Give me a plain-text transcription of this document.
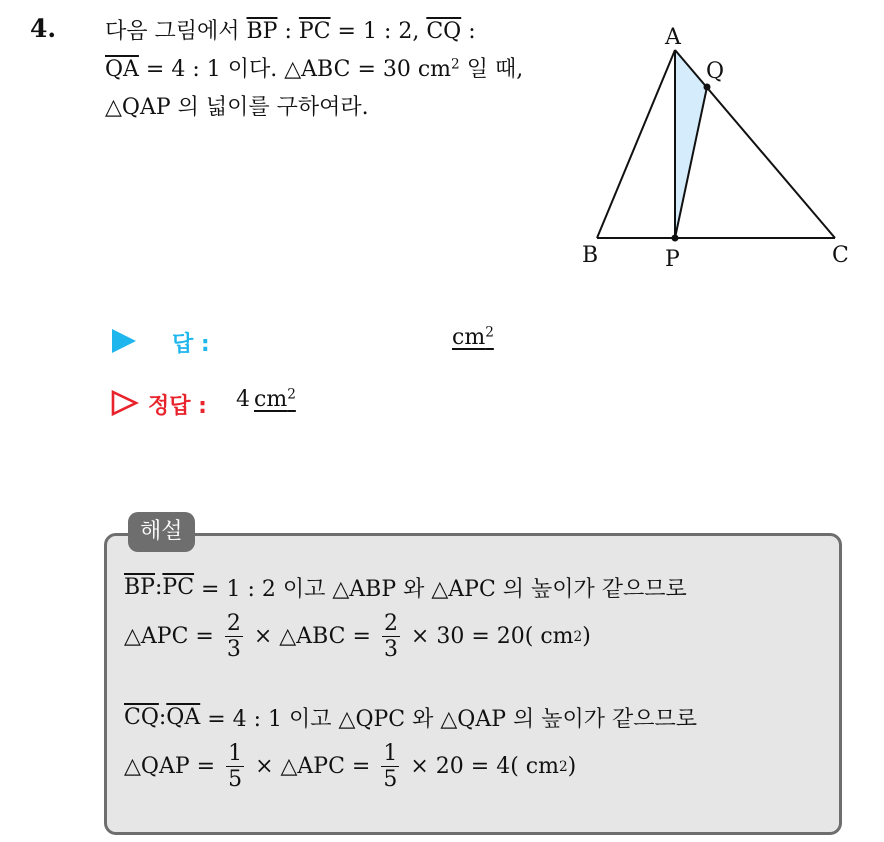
4. 다음 그림에서 $\overline{BP}$ : $\overline{PC} = 1$ : 2, $\overline{CQ}$ :
$\overline{QA} = 4$ : 1 이다. △ABC = 30 $cm^2$ 일 때,
△QAP 의 넓이를 구하여라.
A
Q
B	P	C
답 :	$cm^2$
정답 : 4 $cm^2$
해설
$\overline{BP}$ : $\overline{PC} = 1$ : 2 이고 △ABP 와 △APC 의 높이가 같으므로
△APC = $\frac{2}{3}$ × △ABC = $\frac{2}{3} \times 30 = 20$( cm 2 )
$\overline{CQ}$ : $\overline{QA} = 4$ : 1 이고 △QPC 와 △QAP 의 높이가 같으므로
△QAP = $\frac{1}{5}$ × △APC = $\frac{1}{5} \times 20 = 4$( cm 2 )
